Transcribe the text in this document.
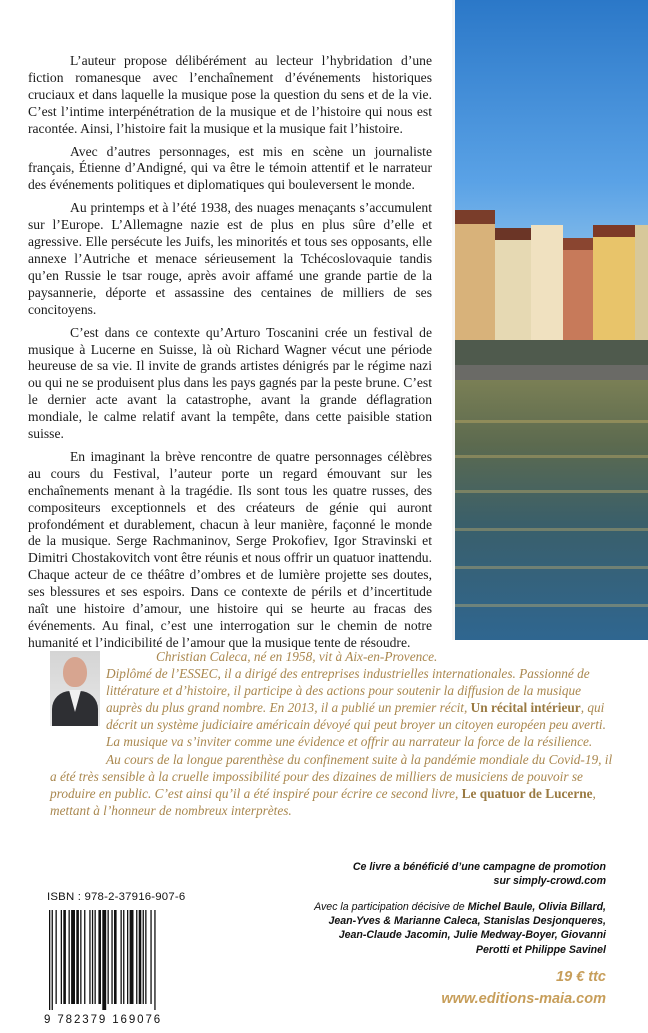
L’auteur propose délibérément au lecteur l’hybridation d’une fiction romanesque avec l’enchaînement d’événements historiques cruciaux et dans laquelle la musique pose la question du sens et de la vie. C’est l’intime interpénétration de la musique et de l’histoire qui nous est racontée. Ainsi, l’histoire fait la musique et la musique fait l’histoire.

Avec d’autres personnages, est mis en scène un journaliste français, Étienne d’Andigné, qui va être le témoin attentif et le narrateur des événements politiques et diplomatiques qui bouleversent le monde.

Au printemps et à l’été 1938, des nuages menaçants s’accumulent sur l’Europe. L’Allemagne nazie est de plus en plus sûre d’elle et agressive. Elle persécute les Juifs, les minorités et tous ses opposants, elle annexe l’Autriche et menace sérieusement la Tchécoslovaquie tandis qu’en Russie le tsar rouge, après avoir affamé une grande partie de la paysannerie, déporte et assassine des centaines de milliers de ses concitoyens.

C’est dans ce contexte qu’Arturo Toscanini crée un festival de musique à Lucerne en Suisse, là où Richard Wagner vécut une période heureuse de sa vie. Il invite de grands artistes dénigrés par le régime nazi ou qui ne se produisent plus dans les pays gagnés par la peste brune. C’est le dernier acte avant la catastrophe, avant la grande déflagration mondiale, le calme relatif avant la tempête, dans cette paisible station suisse.

En imaginant la brève rencontre de quatre personnages célèbres au cours du Festival, l’auteur porte un regard émouvant sur les enchaînements menant à la tragédie. Ils sont tous les quatre russes, des compositeurs exceptionnels et des créateurs de génie qui auront profondément et durablement, chacun à leur manière, façonné le monde de la musique. Serge Rachmaninov, Serge Prokofiev, Igor Stravinski et Dimitri Chostakovitch vont être réunis et nous offrir un quatuor inattendu. Chaque acteur de ce théâtre d’ombres et de lumière projette ses doutes, ses blessures et ses espoirs. Dans ce contexte de périls et d’incertitude naît une histoire d’amour, une histoire qui se heurte au fracas des événements. Au final, c’est une interrogation sur le chemin de notre humanité et l’indicibilité de l’amour que la musique tente de résoudre.

Christian Caleca, né en 1958, vit à Aix-en-Provence.

Diplômé de l’ESSEC, il a dirigé des entreprises industrielles internationales. Passionné de littérature et d’histoire, il participe à des actions pour soutenir la diffusion de la musique auprès du plus grand nombre. En 2013, il a publié un premier récit, Un récital intérieur, qui décrit un système judiciaire américain dévoyé qui peut broyer un citoyen européen peu averti. La musique va s’inviter comme une évidence et offrir au narrateur la force de la résilience.

Au cours de la longue parenthèse du confinement suite à la pandémie mondiale du Covid-19, il a été très sensible à la cruelle impossibilité pour des dizaines de milliers de musiciens de pouvoir se produire en public. C’est ainsi qu’il a été inspiré pour écrire ce second livre, Le quatuor de Lucerne, mettant à l’honneur de nombreux interprètes.

Ce livre a bénéficié d’une campagne de promotion
sur simply-crowd.com
Avec la participation décisive de Michel Baule, Olivia Billard, Jean-Yves & Marianne Caleca, Stanislas Desjonqueres, Jean-Claude Jacomin, Julie Medway-Boyer, Giovanni Perotti et Philippe Savinel
ISBN : 978-2-37916-907-6
9 782379 169076
19 € ttc
www.editions-maia.com
